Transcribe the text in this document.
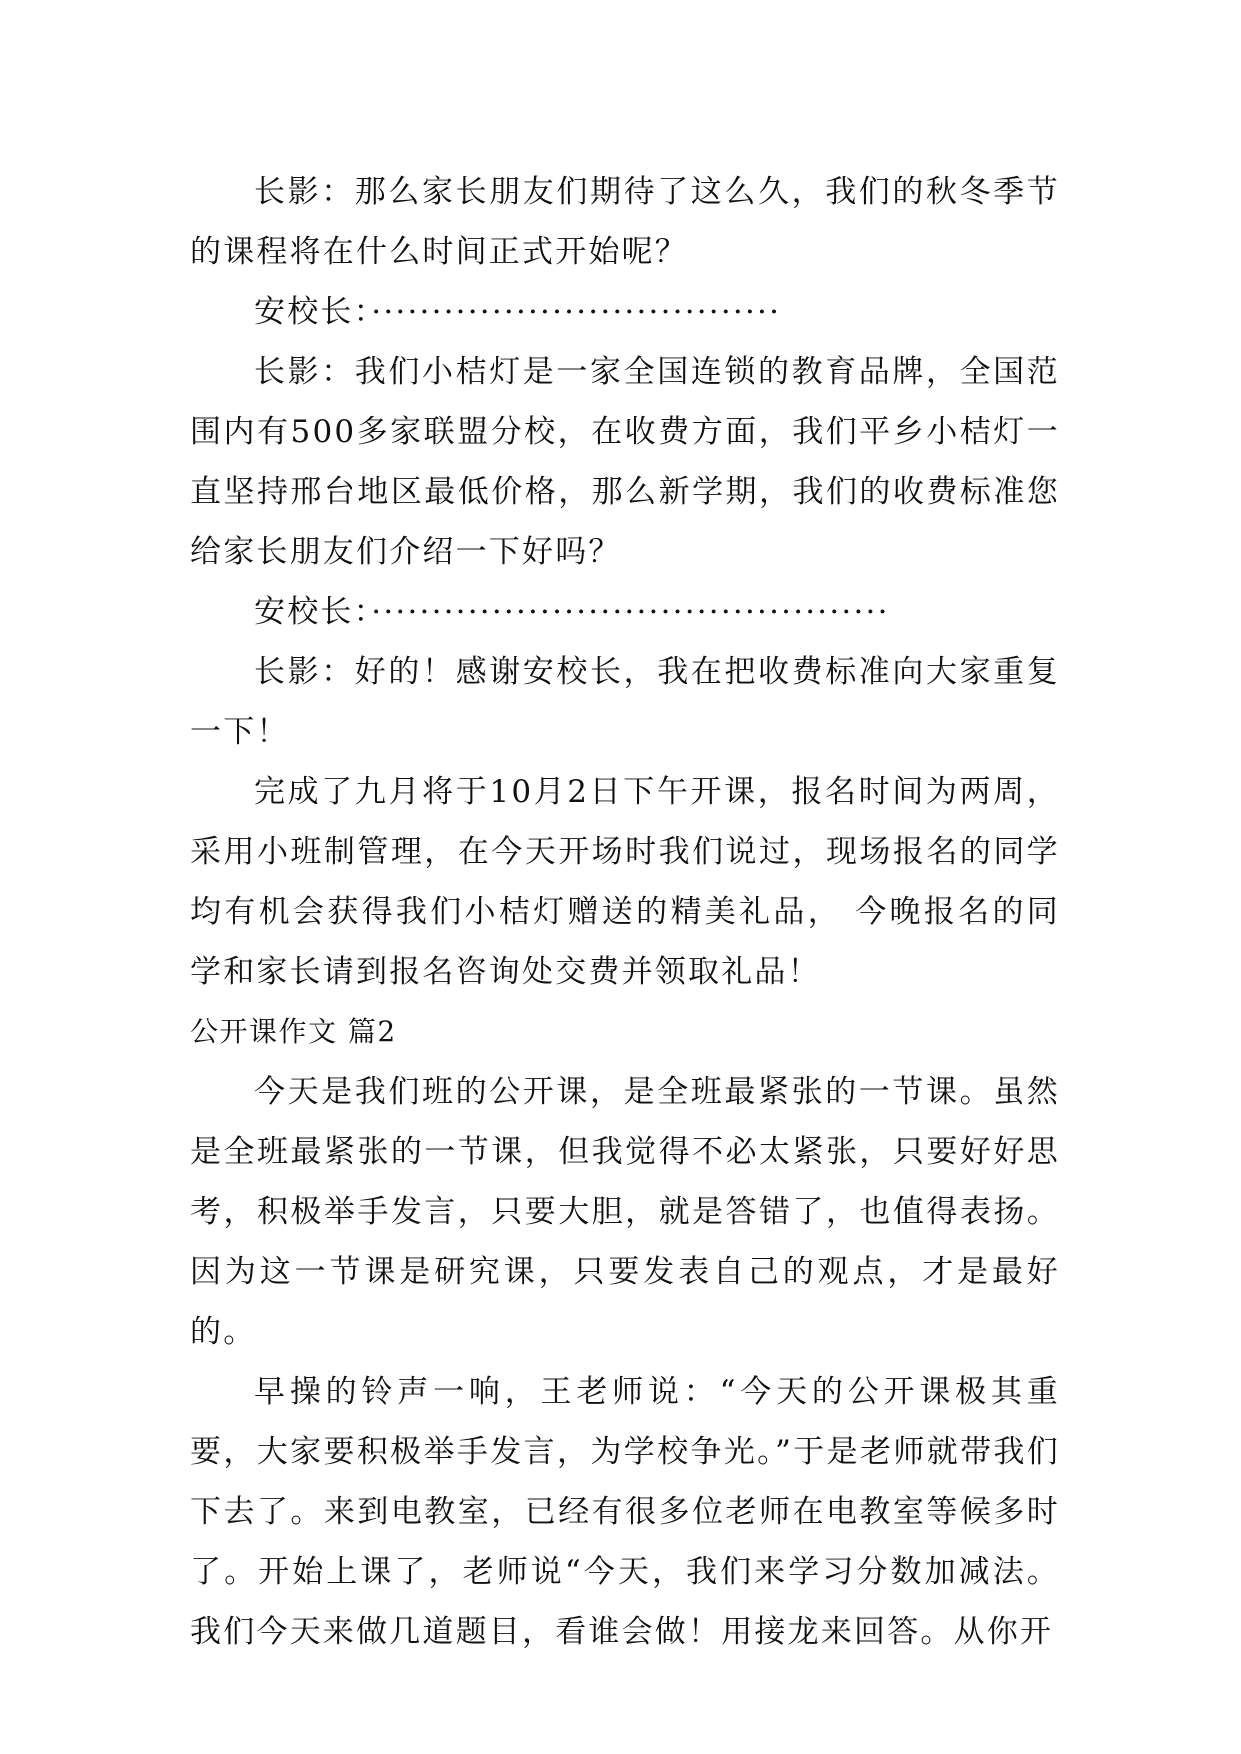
长影：那么家长朋友们期待了这么久，我们的秋冬季节的课程将在什么时间正式开始呢？

安校长：··································

长影：我们小桔灯是一家全国连锁的教育品牌，全国范围内有500多家联盟分校，在收费方面，我们平乡小桔灯一直坚持邢台地区最低价格，那么新学期，我们的收费标准您给家长朋友们介绍一下好吗？

安校长：···········································

长影：好的！感谢安校长，我在把收费标准向大家重复一下！

完成了九月将于10月2日下午开课，报名时间为两周，采用小班制管理，在今天开场时我们说过，现场报名的同学均有机会获得我们小桔灯赠送的精美礼品， 今晚报名的同学和家长请到报名咨询处交费并领取礼品！

公开课作文 篇2

今天是我们班的公开课，是全班最紧张的一节课。虽然是全班最紧张的一节课，但我觉得不必太紧张，只要好好思考，积极举手发言，只要大胆，就是答错了，也值得表扬。因为这一节课是研究课，只要发表自己的观点，才是最好的。

早操的铃声一响，王老师说：“今天的公开课极其重要，大家要积极举手发言，为学校争光。”于是老师就带我们下去了。来到电教室，已经有很多位老师在电教室等候多时了。开始上课了，老师说“今天，我们来学习分数加减法。我们今天来做几道题目，看谁会做！用接龙来回答。从你开
